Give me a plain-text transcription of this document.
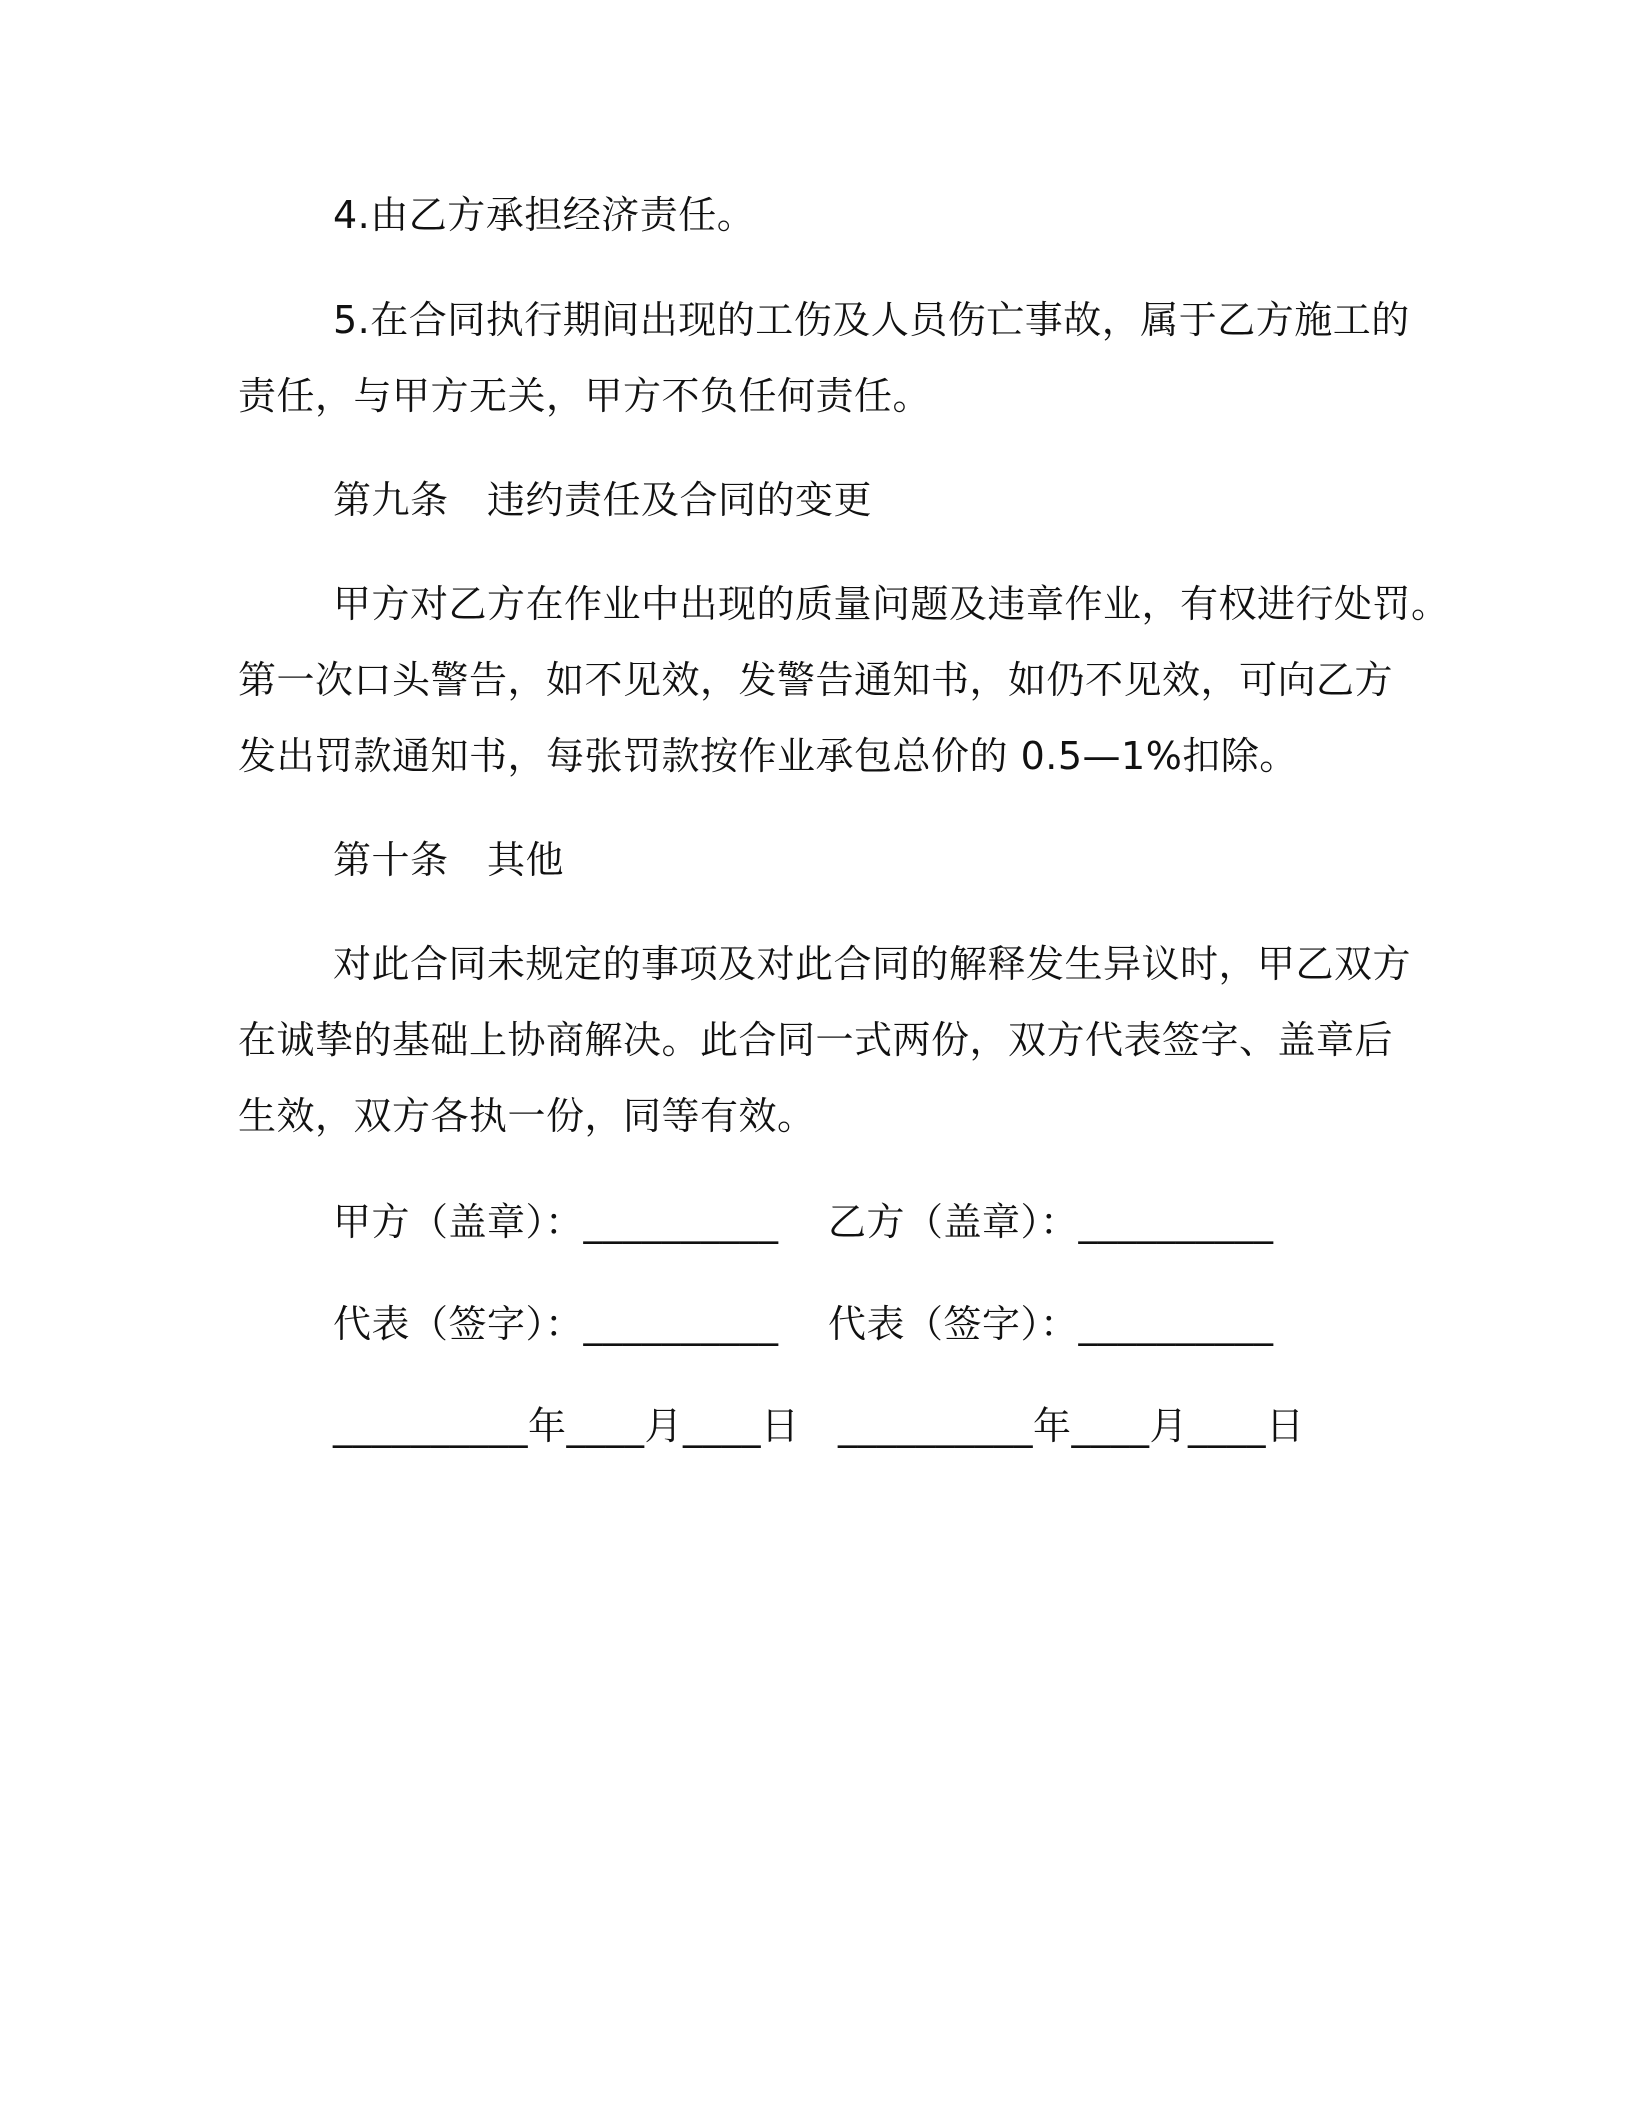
4.由乙方承担经济责任。
5.在合同执行期间出现的工伤及人员伤亡事故，属于乙方施工的
责任，与甲方无关，甲方不负任何责任。
第九条　违约责任及合同的变更
甲方对乙方在作业中出现的质量问题及违章作业，有权进行处罚。
第一次口头警告，如不见效，发警告通知书，如仍不见效，可向乙方
发出罚款通知书，每张罚款按作业承包总价的 0.5—1%扣除。
第十条　其他
对此合同未规定的事项及对此合同的解释发生异议时，甲乙双方
在诚挚的基础上协商解决。此合同一式两份，双方代表签字、盖章后
生效，双方各执一份，同等有效。
甲方（盖章）：__________ 乙方（盖章）：__________
代表（签字）：__________ 代表（签字）：__________
__________年____月____日 __________年____月____日
